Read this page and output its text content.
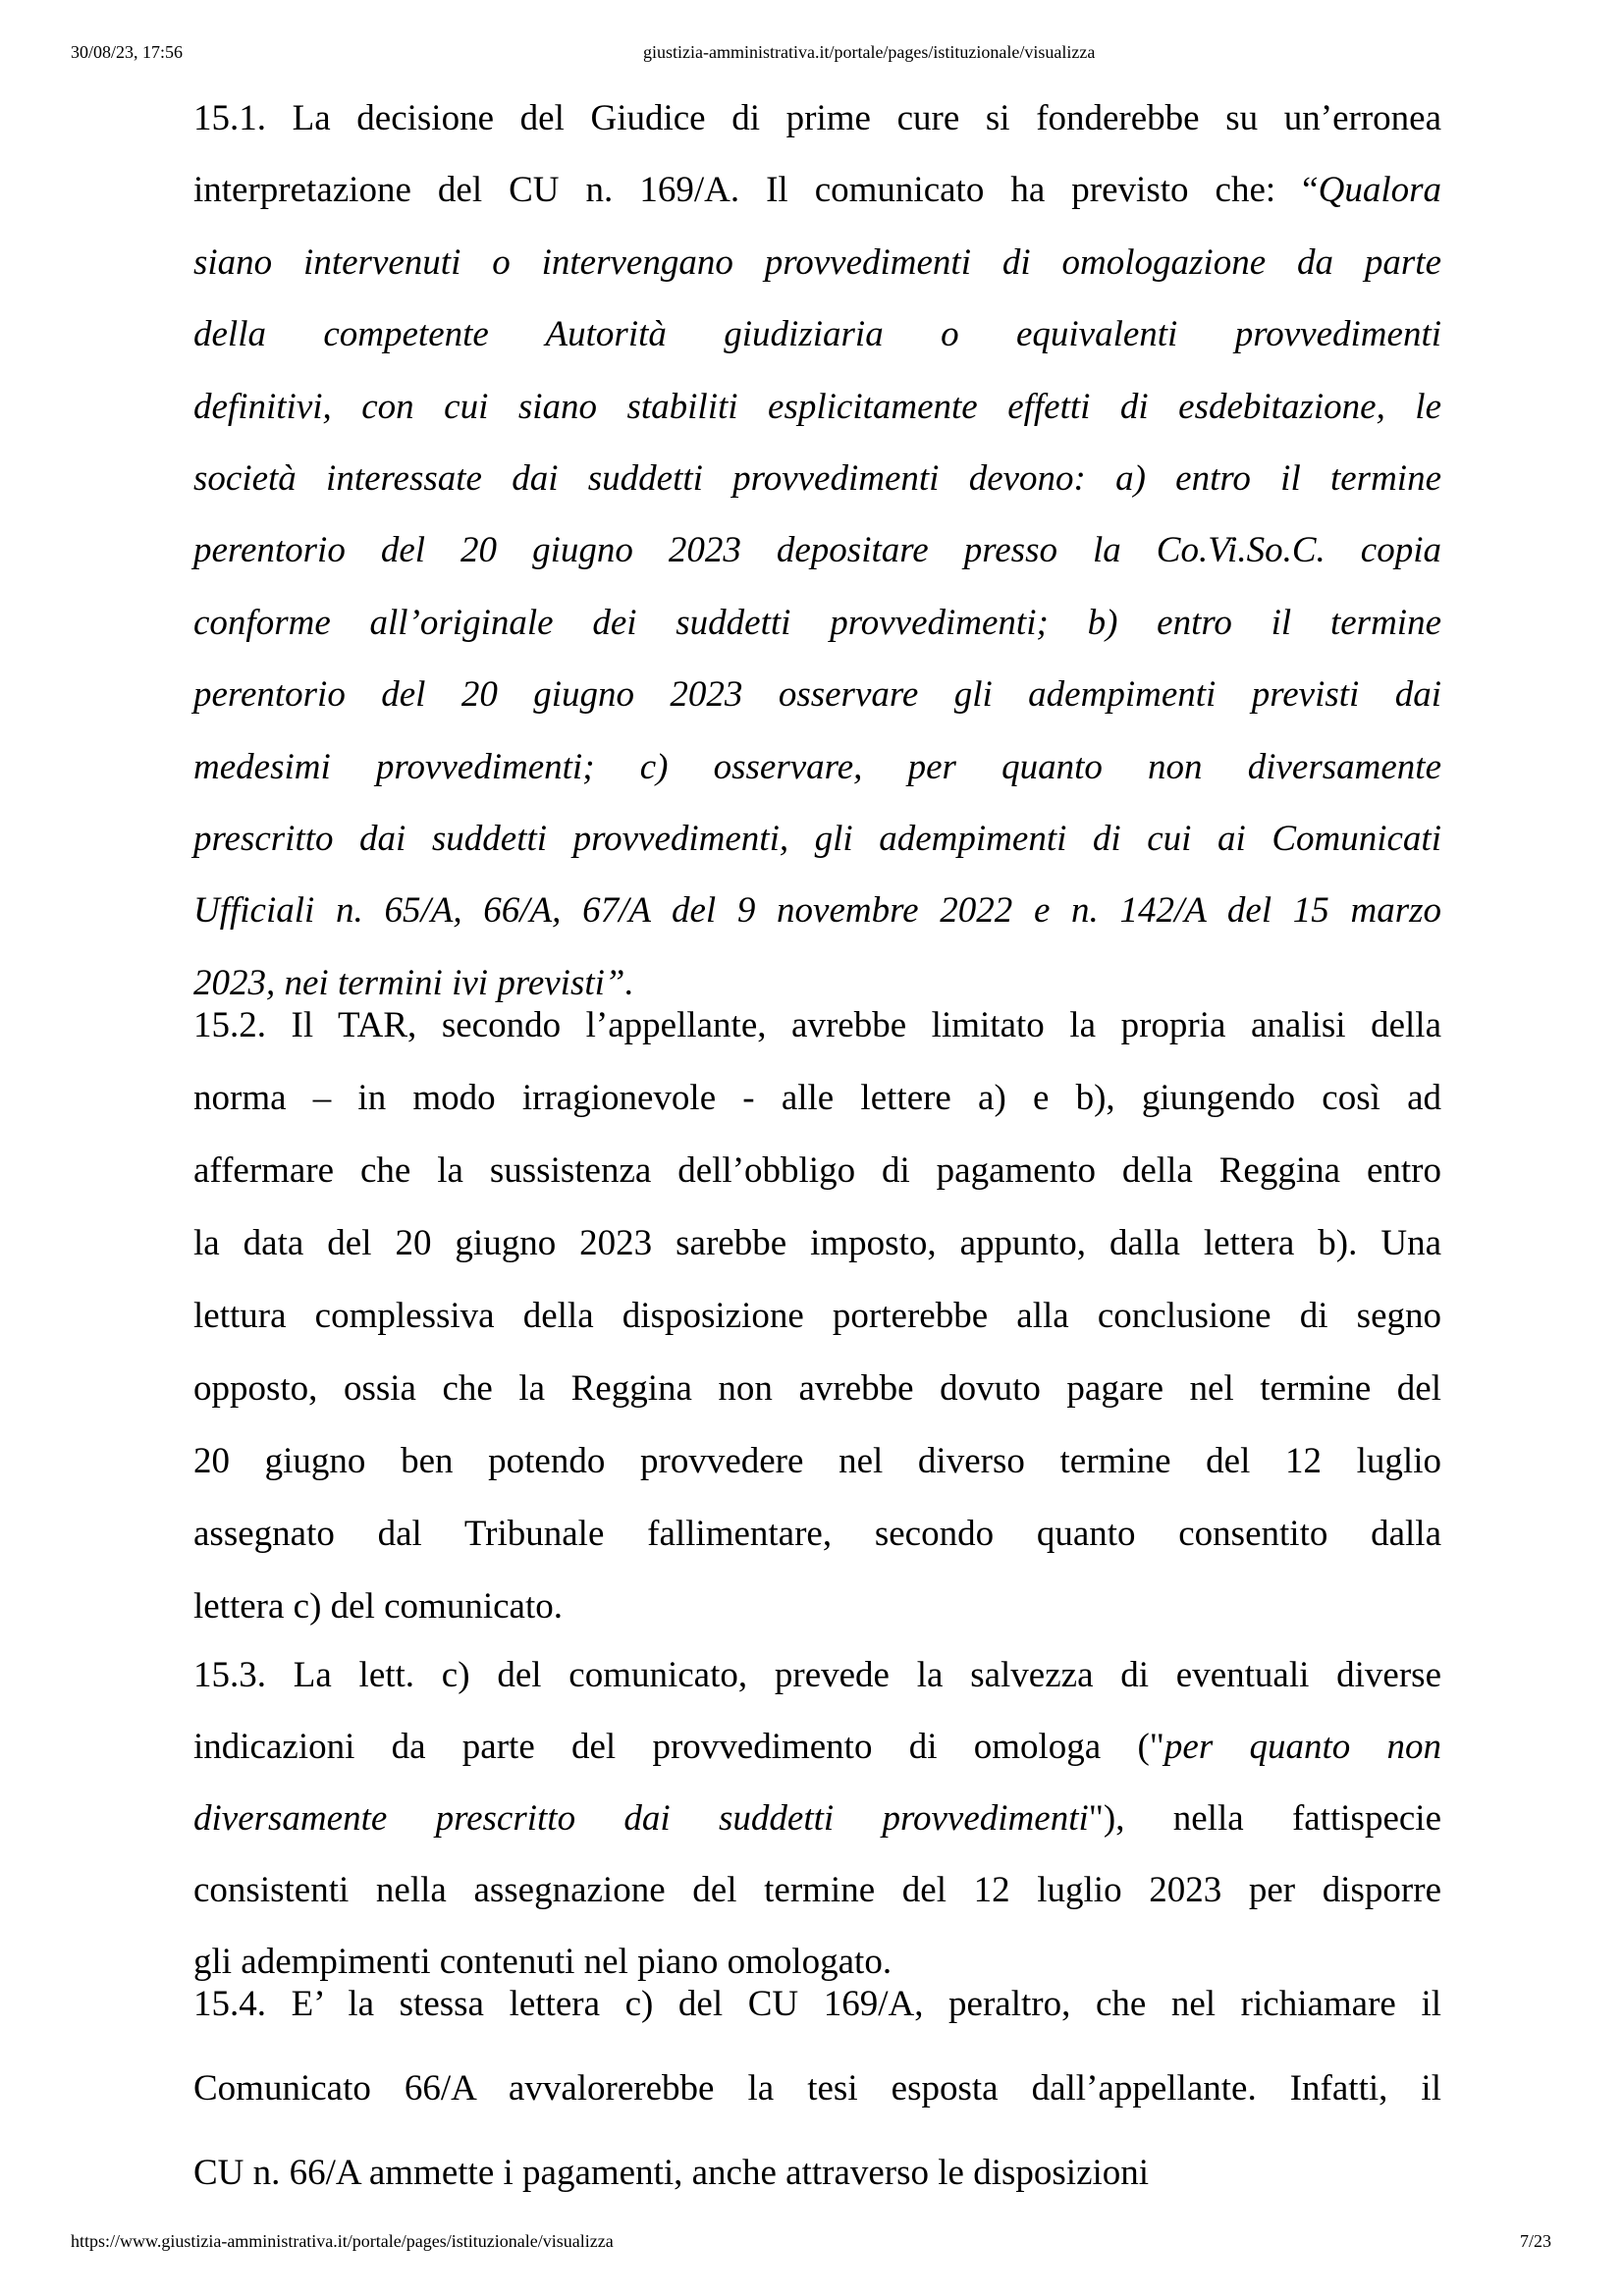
30/08/23, 17:56	giustizia-amministrativa.it/portale/pages/istituzionale/visualizza
15.1. La decisione del Giudice di prime cure si fonderebbe su un’erronea
interpretazione del CU n. 169/A. Il comunicato ha previsto che: “Qualora
siano intervenuti o intervengano provvedimenti di omologazione da parte
della competente Autorità giudiziaria o equivalenti provvedimenti
definitivi, con cui siano stabiliti esplicitamente effetti di esdebitazione, le
società interessate dai suddetti provvedimenti devono: a) entro il termine
perentorio del 20 giugno 2023 depositare presso la Co.Vi.So.C. copia
conforme all’originale dei suddetti provvedimenti; b) entro il termine
perentorio del 20 giugno 2023 osservare gli adempimenti previsti dai
medesimi provvedimenti; c) osservare, per quanto non diversamente
prescritto dai suddetti provvedimenti, gli adempimenti di cui ai Comunicati
Ufficiali n. 65/A, 66/A, 67/A del 9 novembre 2022 e n. 142/A del 15 marzo
2023, nei termini ivi previsti”.
15.2. Il TAR, secondo l’appellante, avrebbe limitato la propria analisi della
norma – in modo irragionevole - alle lettere a) e b), giungendo così ad
affermare che la sussistenza dell’obbligo di pagamento della Reggina entro
la data del 20 giugno 2023 sarebbe imposto, appunto, dalla lettera b). Una
lettura complessiva della disposizione porterebbe alla conclusione di segno
opposto, ossia che la Reggina non avrebbe dovuto pagare nel termine del
20 giugno ben potendo provvedere nel diverso termine del 12 luglio
assegnato dal Tribunale fallimentare, secondo quanto consentito dalla
lettera c) del comunicato.
15.3. La lett. c) del comunicato, prevede la salvezza di eventuali diverse
indicazioni da parte del provvedimento di omologa ("per quanto non
diversamente prescritto dai suddetti provvedimenti"), nella fattispecie
consistenti nella assegnazione del termine del 12 luglio 2023 per disporre
gli adempimenti contenuti nel piano omologato.
15.4. E’ la stessa lettera c) del CU 169/A, peraltro, che nel richiamare il
Comunicato 66/A avvalorerebbe la tesi esposta dall’appellante. Infatti, il
CU n. 66/A ammette i pagamenti, anche attraverso le disposizioni
https://www.giustizia-amministrativa.it/portale/pages/istituzionale/visualizza	7/23
